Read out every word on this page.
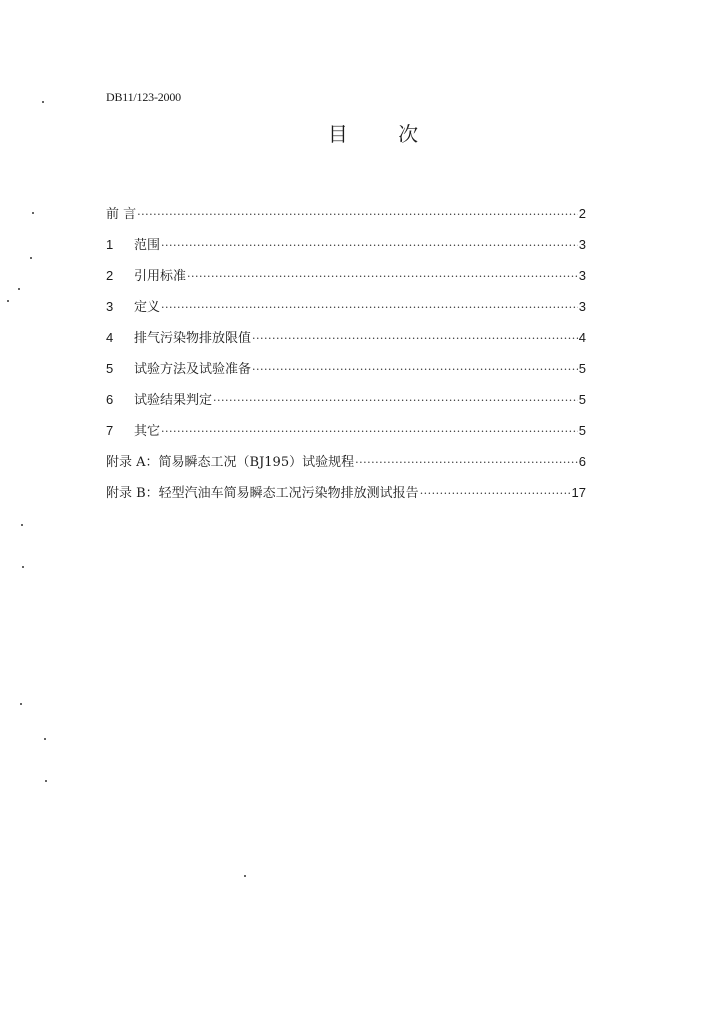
DB11/123-2000
目 次
前 言 ·····	2
1	范围 ·····	3
2	引用标准 ·····	3
3	定义 ·····	3
4	排气污染物排放限值 ·····	4
5	试验方法及试验准备 ·····	5
6	试验结果判定 ·····	5
7	其它 ·····	5
附录 A：简易瞬态工况（BJ195）试验规程 ·····	6
附录 B：轻型汽油车简易瞬态工况污染物排放测试报告 ·····	17
